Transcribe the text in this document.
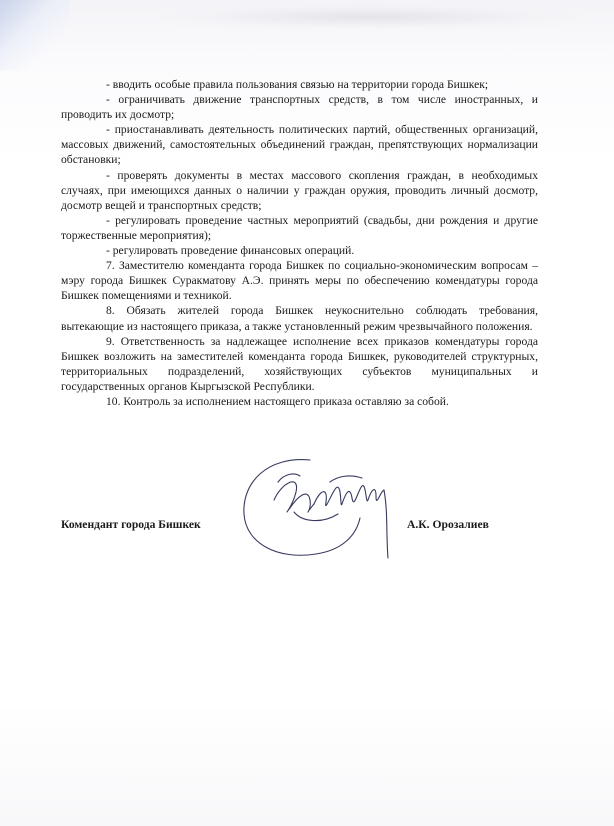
- вводить особые правила пользования связью на территории города Бишкек;

- ограничивать движение транспортных средств, в том числе иностранных, и проводить их досмотр;

- приостанавливать деятельность политических партий, общественных организаций, массовых движений, самостоятельных объединений граждан, препятствующих нормализации обстановки;

- проверять документы в местах массового скопления граждан, в необходимых случаях, при имеющихся данных о наличии у граждан оружия, проводить личный досмотр, досмотр вещей и транспортных средств;

- регулировать проведение частных мероприятий (свадьбы, дни рождения и другие торжественные мероприятия);

- регулировать проведение финансовых операций.

7. Заместителю коменданта города Бишкек по социально-экономическим вопросам – мэру города Бишкек Суракматову А.Э. принять меры по обеспечению комендатуры города Бишкек помещениями и техникой.

8. Обязать жителей города Бишкек неукоснительно соблюдать требования, вытекающие из настоящего приказа, а также установленный режим чрезвычайного положения.

9. Ответственность за надлежащее исполнение всех приказов комендатуры города Бишкек возложить на заместителей коменданта города Бишкек, руководителей структурных, территориальных подразделений, хозяйствующих субъектов муниципальных и государственных органов Кыргызской Республики.

10. Контроль за исполнением настоящего приказа оставляю за собой.

Комендант города Бишкек	А.К. Орозалиев
